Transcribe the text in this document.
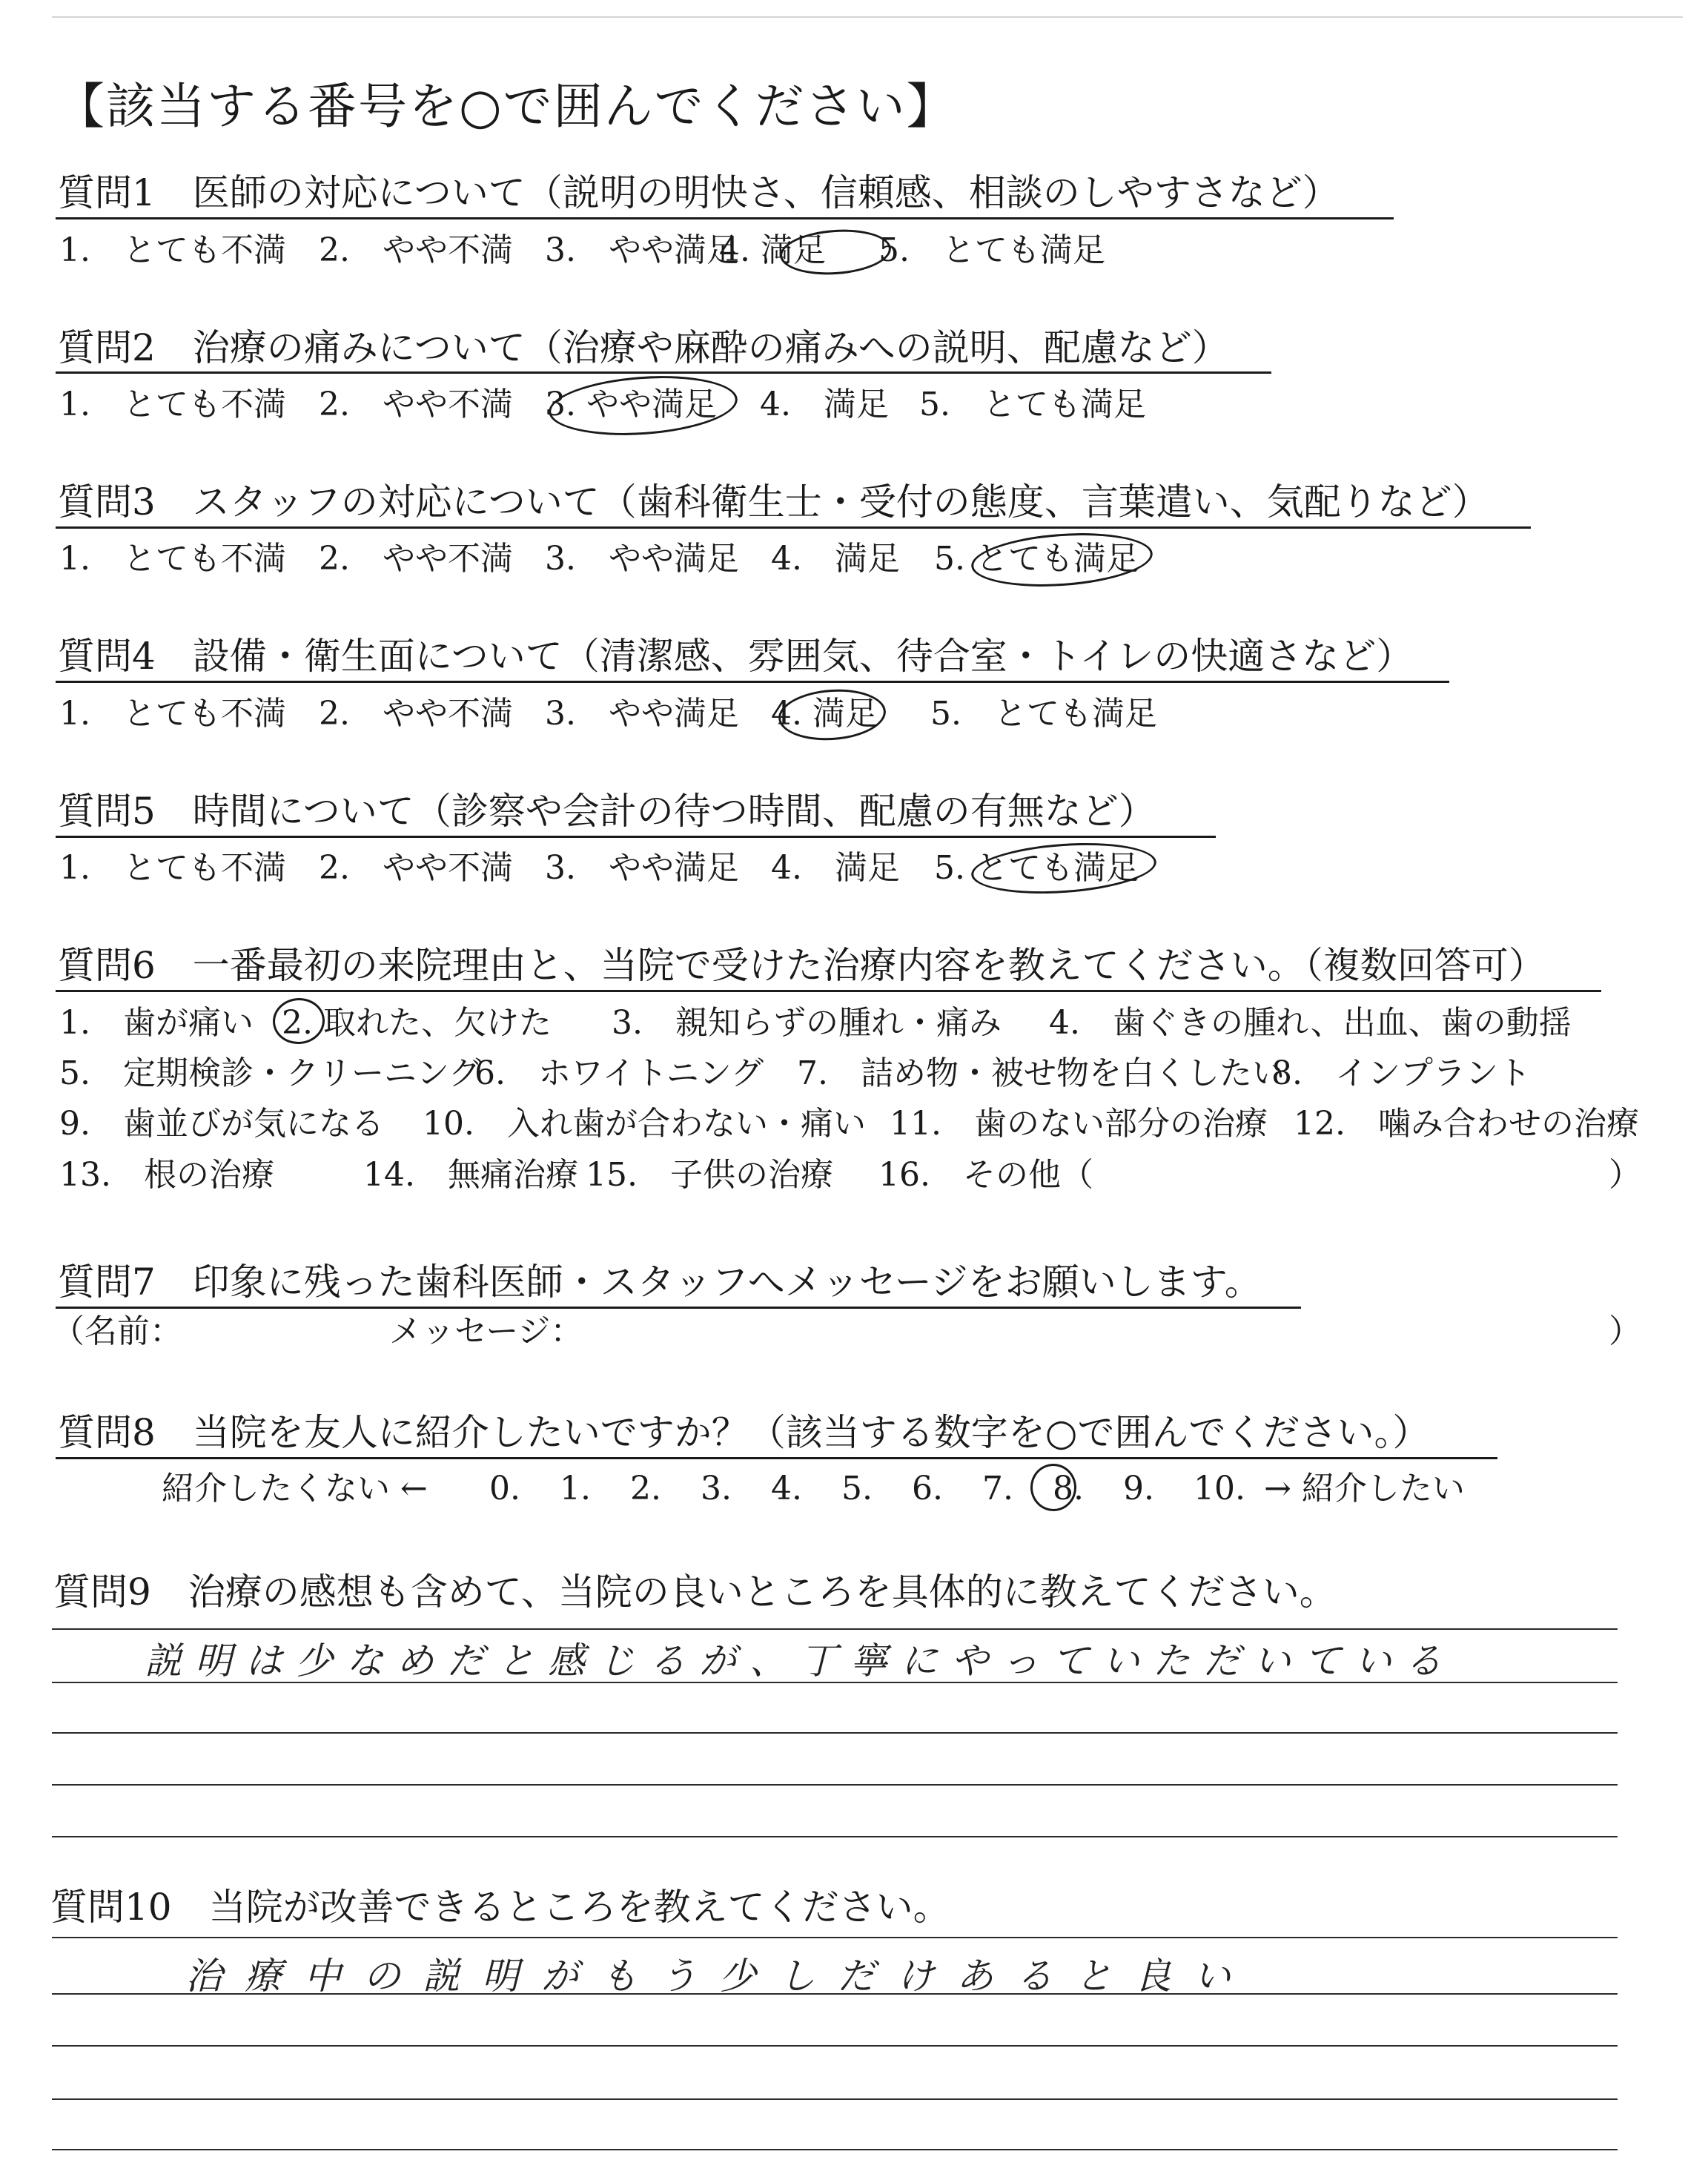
【該当する番号を○で囲んでください】
質問1　医師の対応について（説明の明快さ、信頼感、相談のしやすさなど）
1.　とても不満 2.　やや不満 3.　やや満足4. 満足 5.　とても満足
質問2　治療の痛みについて（治療や麻酔の痛みへの説明、配慮など）
1.　とても不満 2.　やや不満 3. やや満足 4.　満足 5.　とても満足
質問3　スタッフの対応について（歯科衛生士・受付の態度、言葉遣い、気配りなど）
1.　とても不満 2.　やや不満 3.　やや満足 4.　満足 5. とても満足
質問4　設備・衛生面について（清潔感、雰囲気、待合室・トイレの快適さなど）
1.　とても不満 2.　やや不満 3.　やや満足 4. 満足 5.　とても満足
質問5　時間について（診察や会計の待つ時間、配慮の有無など）
1.　とても不満 2.　やや不満 3.　やや満足 4.　満足 5. とても満足
質問6　一番最初の来院理由と、当院で受けた治療内容を教えてください。（複数回答可）
1.　歯が痛い 2. 取れた、欠けた 3.　親知らずの腫れ・痛み 4.　歯ぐきの腫れ、出血、歯の動揺
5.　定期検診・クリーニング6.　ホワイトニング 7.　詰め物・被せ物を白くしたい8.　インプラント
9.　歯並びが気になる 10.　入れ歯が合わない・痛い 11.　歯のない部分の治療 12.　噛み合わせの治療
13.　根の治療	14.　無痛治療 15.　子供の治療 16.　その他（	）
質問7　印象に残った歯科医師・スタッフへメッセージをお願いします。
（名前：	メッセージ：	）
質問8　当院を友人に紹介したいですか？（該当する数字を○で囲んでください。）
紹介したくない ← 0. 1. 2. 3. 4. 5. 6. 7. 8. 9. 10. → 紹介したい
質問9　治療の感想も含めて、当院の良いところを具体的に教えてください。
説明は少なめだと感じるが、丁寧にやっていただいている
質問10　当院が改善できるところを教えてください。
治療中の説明がもう少しだけあると良い
